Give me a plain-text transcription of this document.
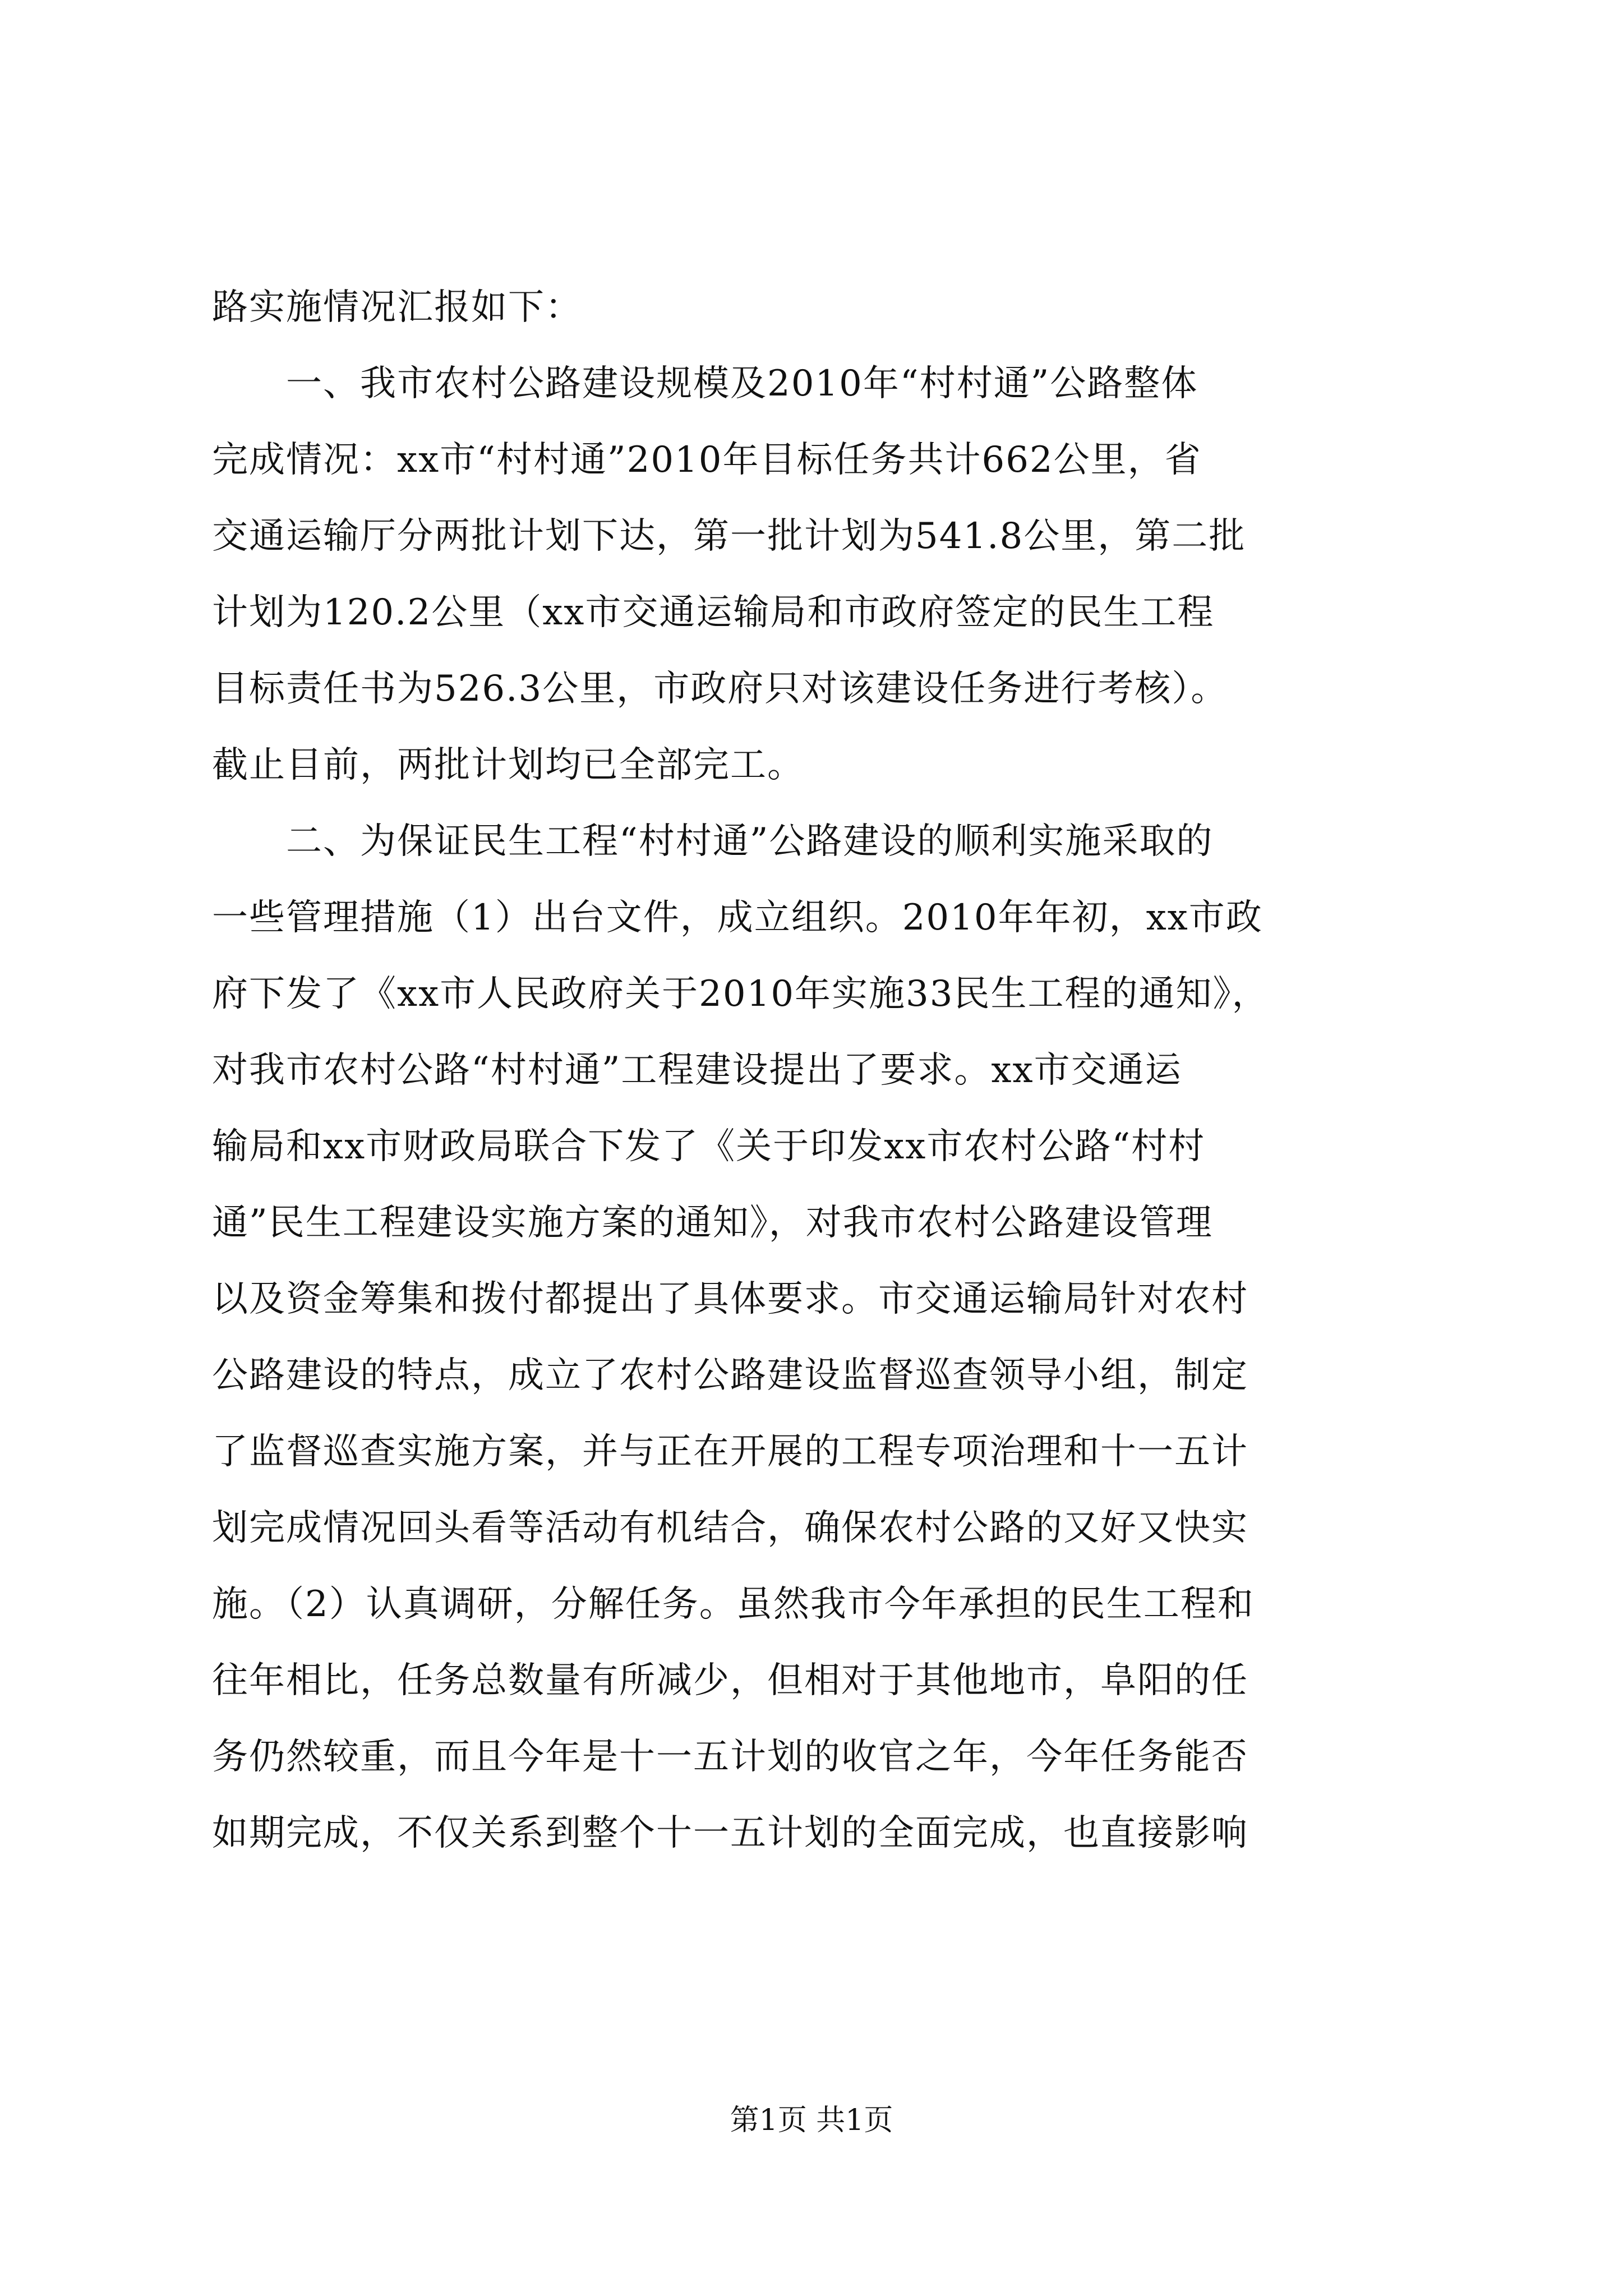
路实施情况汇报如下：
　　一、我市农村公路建设规模及2010年“村村通”公路整体
完成情况：xx市“村村通”2010年目标任务共计662公里，省
交通运输厅分两批计划下达，第一批计划为541.8公里，第二批
计划为120.2公里（xx市交通运输局和市政府签定的民生工程
目标责任书为526.3公里，市政府只对该建设任务进行考核）。
截止目前，两批计划均已全部完工。
　　二、为保证民生工程“村村通”公路建设的顺利实施采取的
一些管理措施（1）出台文件，成立组织。2010年年初，xx市政
府下发了《xx市人民政府关于2010年实施33民生工程的通知》，
对我市农村公路“村村通”工程建设提出了要求。xx市交通运
输局和xx市财政局联合下发了《关于印发xx市农村公路“村村
通”民生工程建设实施方案的通知》，对我市农村公路建设管理
以及资金筹集和拨付都提出了具体要求。市交通运输局针对农村
公路建设的特点，成立了农村公路建设监督巡查领导小组，制定
了监督巡查实施方案，并与正在开展的工程专项治理和十一五计
划完成情况回头看等活动有机结合，确保农村公路的又好又快实
施。（2）认真调研，分解任务。虽然我市今年承担的民生工程和
往年相比，任务总数量有所减少，但相对于其他地市，阜阳的任
务仍然较重，而且今年是十一五计划的收官之年，今年任务能否
如期完成，不仅关系到整个十一五计划的全面完成，也直接影响
第1页 共1页
